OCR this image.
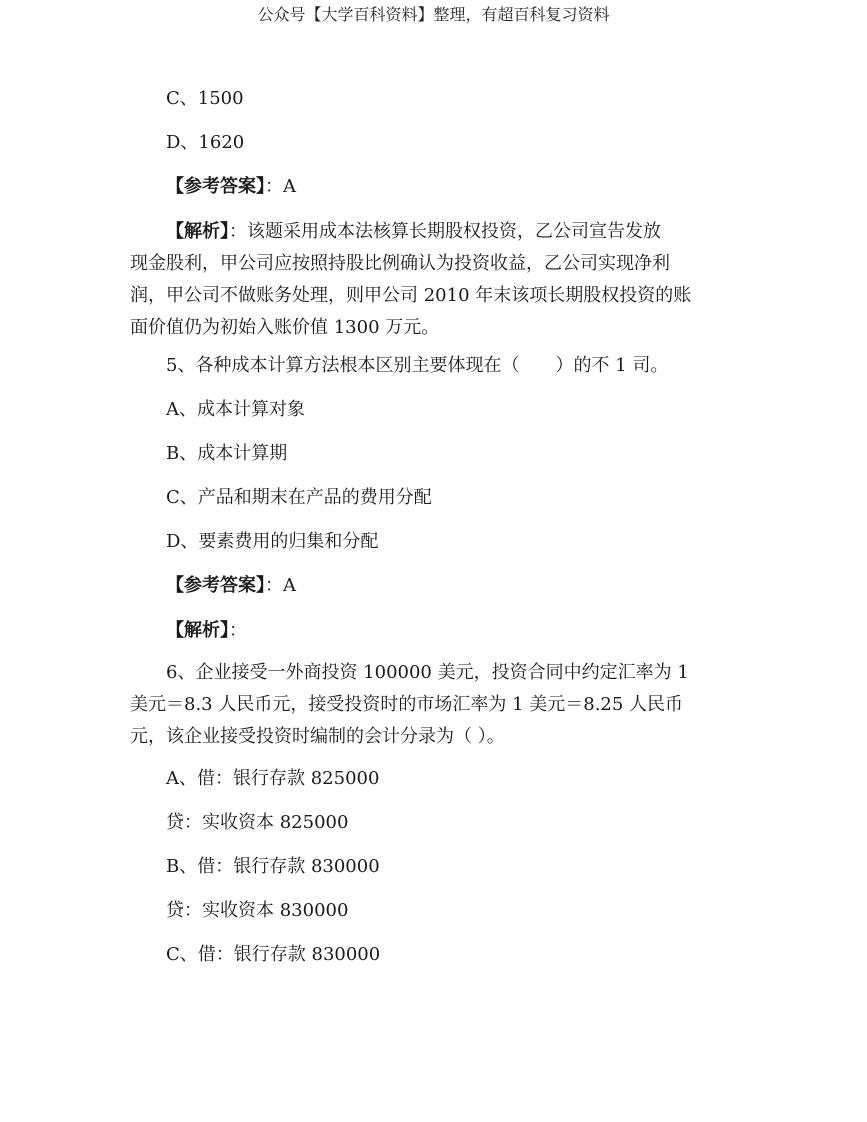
公众号【大学百科资料】整理，有超百科复习资料
C、1500
D、1620
【参考答案】：A

【解析】：该题采用成本法核算长期股权投资，乙公司宣告发放

现金股利，甲公司应按照持股比例确认为投资收益，乙公司实现净利

润，甲公司不做账务处理，则甲公司 2010 年末该项长期股权投资的账

面价值仍为初始入账价值 1300 万元。

5、各种成本计算方法根本区别主要体现在（　　）的不 1 司。
A、成本计算对象
B、成本计算期
C、产品和期末在产品的费用分配
D、要素费用的归集和分配
【参考答案】：A
【解析】：

6、企业接受一外商投资 100000 美元，投资合同中约定汇率为 1

美元＝8.3 人民币元，接受投资时的市场汇率为 1 美元＝8.25 人民币

元，该企业接受投资时编制的会计分录为（ ）。

A、借：银行存款 825000
贷：实收资本 825000
B、借：银行存款 830000
贷：实收资本 830000
C、借：银行存款 830000
